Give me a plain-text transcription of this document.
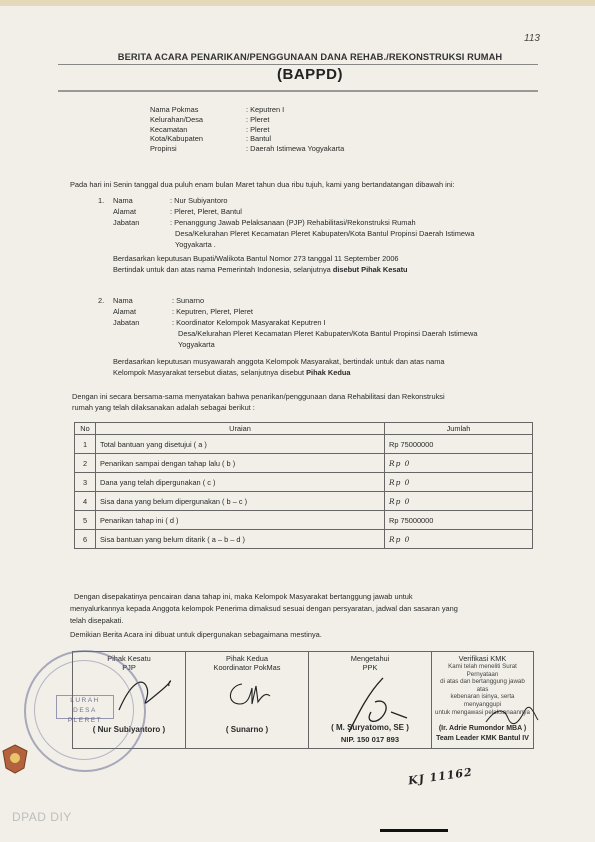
113
BERITA ACARA PENARIKAN/PENGGUNAAN DANA REHAB./REKONSTRUKSI RUMAH
(BAPPD)
Nama Pokmas	: Keputren I
Kelurahan/Desa	: Pleret
Kecamatan	: Pleret
Kota/Kabupaten	: Bantul
Propinsi	: Daerah Istimewa Yogyakarta
Pada hari ini Senin tanggal dua puluh enam bulan Maret tahun dua ribu tujuh, kami yang bertandatangan dibawah ini:
1. Nama	: Nur Subiyantoro
Alamat	: Pleret, Pleret, Bantul
Jabatan	: Penanggung Jawab Pelaksanaan (PJP) Rehabilitasi/Rekonstruksi Rumah
Desa/Kelurahan Pleret Kecamatan Pleret Kabupaten/Kota Bantul Propinsi Daerah Istimewa
Yogyakarta .
Berdasarkan keputusan Bupati/Walikota Bantul Nomor 273 tanggal 11 September 2006
Bertindak untuk dan atas nama Pemerintah Indonesia, selanjutnya disebut Pihak Kesatu
2. Nama	: Sunarno
Alamat	: Keputren, Pleret, Pleret
Jabatan	: Koordinator Kelompok Masyarakat Keputren I
Desa/Kelurahan Pleret Kecamatan Pleret Kabupaten/Kota Bantul Propinsi Daerah Istimewa
Yogyakarta
Berdasarkan keputusan musyawarah anggota Kelompok Masyarakat, bertindak untuk dan atas nama
Kelompok Masyarakat tersebut diatas, selanjutnya disebut Pihak Kedua
Dengan ini secara bersama-sama menyatakan bahwa penarikan/penggunaan dana Rehabilitasi dan Rekonstruksi
rumah yang telah dilaksanakan adalah sebagai berikut :
No	Uraian	Jumlah
1	Total bantuan yang disetujui ( a )	Rp 75000000
2	Penarikan sampai dengan tahap lalu ( b )	Rp 0
3	Dana yang telah dipergunakan ( c )	Rp 0
4	Sisa dana yang belum dipergunakan ( b – c )	Rp 0
5	Penarikan tahap ini ( d )	Rp 75000000
6	Sisa bantuan yang belum ditarik ( a – b – d )	Rp 0
Dengan disepakatinya pencairan dana tahap ini, maka Kelompok Masyarakat bertanggung jawab untuk
menyalurkannya kepada Anggota kelompok Penerima dimaksud sesuai dengan persyaratan, jadwal dan sasaran yang
telah disepakati.
Demikian Berita Acara ini dibuat untuk dipergunakan sebagaimana mestinya.
Pihak Kesatu
PJP
( Nur Subiyantoro )

Pihak Kedua
Koordinator PokMas
( Sunarno )

Mengetahui
PPK
( M. Suryatomo, SE )
NIP. 150 017 893

Verifikasi KMK
Kami telah meneliti Surat Pernyataan
di atas dan bertanggung jawab atas
kebenaran isinya, serta menyanggupi
untuk mengawasi pelaksanaannya
(Ir. Adrie Rumondor MBA )
Team Leader KMK Bantul IV
LURAH DESA PLERET
KJ 11162
DPAD DIY
